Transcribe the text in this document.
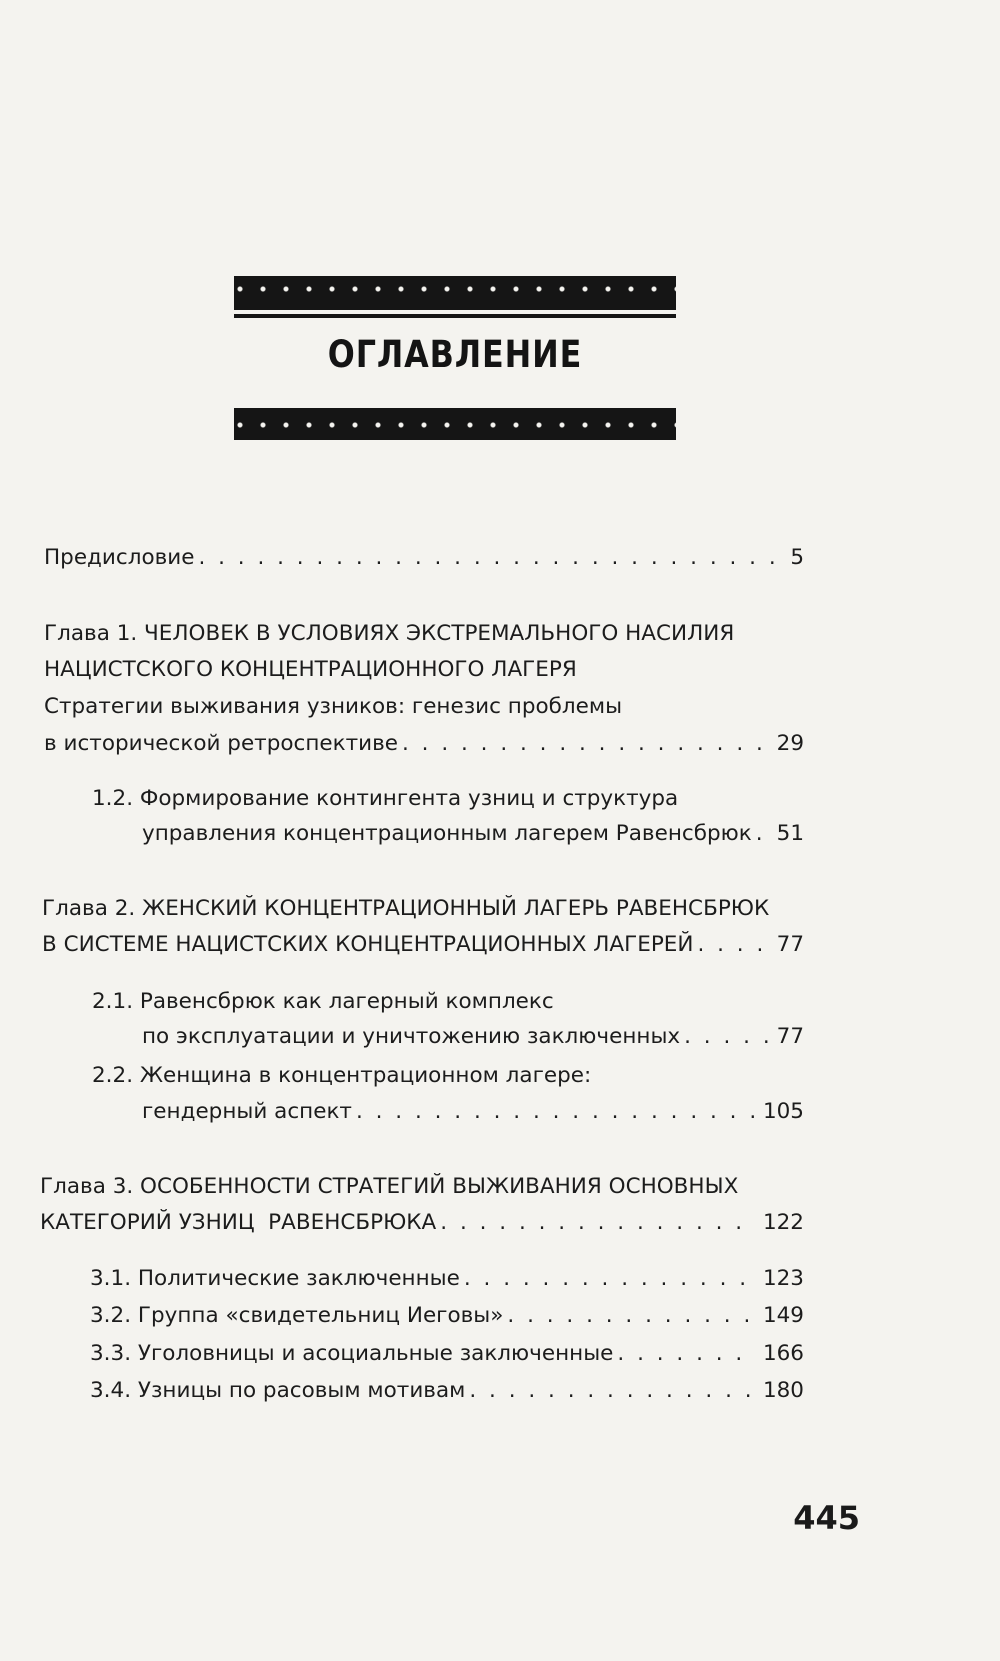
ОГЛАВЛЕНИЕ
Предисловие . . .	5
Глава 1. ЧЕЛОВЕК В УСЛОВИЯХ ЭКСТРЕМАЛЬНОГО НАСИЛИЯ
НАЦИСТСКОГО КОНЦЕНТРАЦИОННОГО ЛАГЕРЯ
Стратегии выживания узников: генезис проблемы
в исторической ретроспективе . . .	29
1.2. Формирование контингента узниц и структура
управления концентрационным лагерем Равенсбрюк . . . 51
Глава 2. ЖЕНСКИЙ КОНЦЕНТРАЦИОННЫЙ ЛАГЕРЬ РАВЕНСБРЮК
В СИСТЕМЕ НАЦИСТСКИХ КОНЦЕНТРАЦИОННЫХ ЛАГЕРЕЙ . . .	77
2.1. Равенсбрюк как лагерный комплекс
по эксплуатации и уничтожению заключенных . . .	77
2.2. Женщина в концентрационном лагере:
гендерный аспект . . .	105
Глава 3. ОСОБЕННОСТИ СТРАТЕГИЙ ВЫЖИВАНИЯ ОСНОВНЫХ
КАТЕГОРИЙ УЗНИЦ  РАВЕНСБРЮКА . . .	122
3.1. Политические заключенные . . .	123
3.2. Группа «свидетельниц Иеговы» . . .	149
3.3. Уголовницы и асоциальные заключенные . . .	166
3.4. Узницы по расовым мотивам . . .	180
445
